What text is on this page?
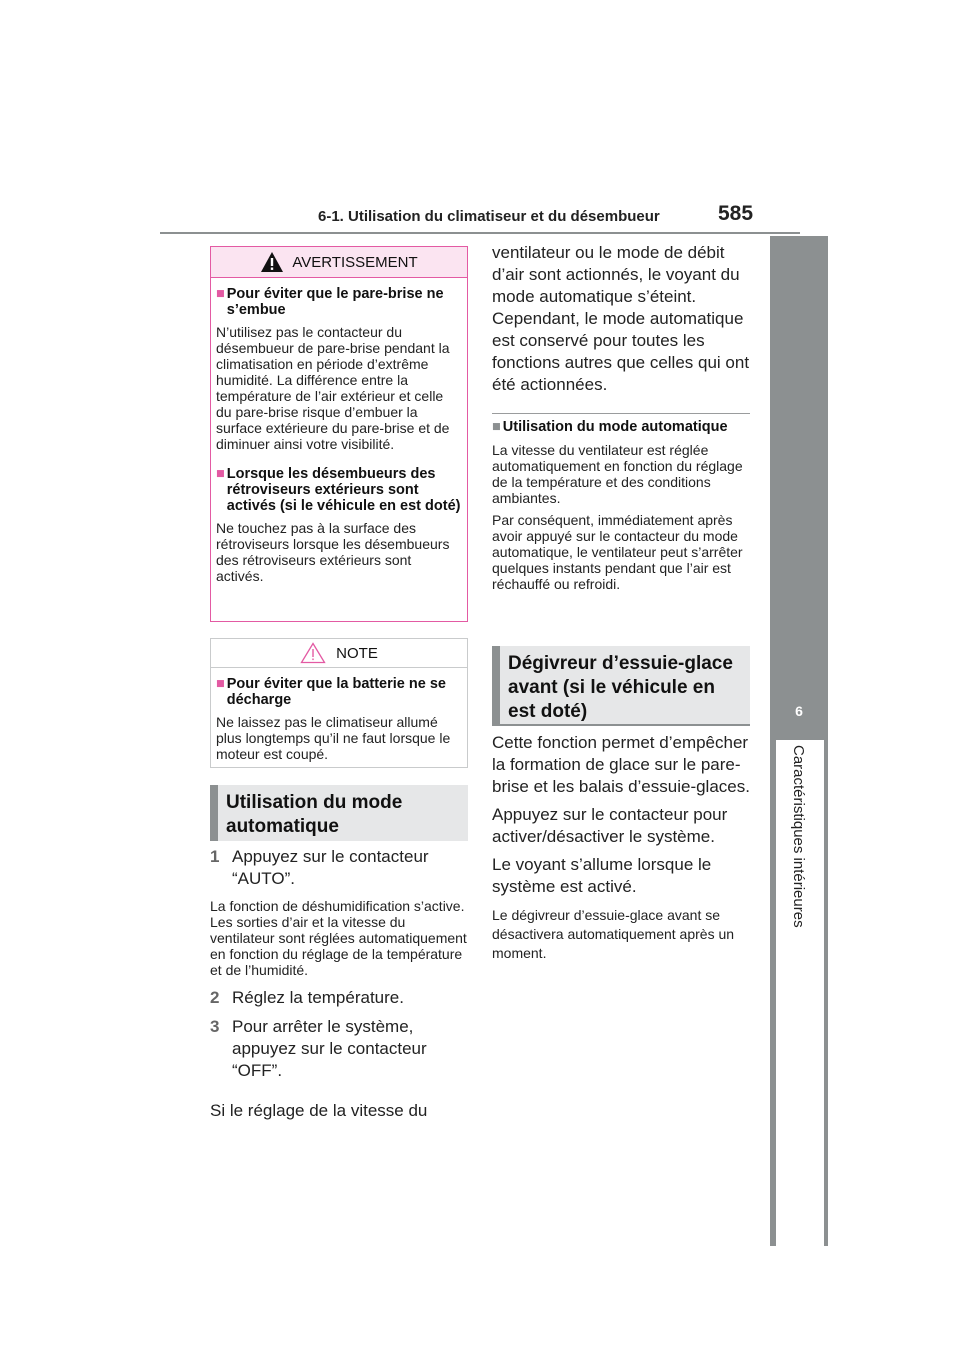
6-1. Utilisation du climatiseur et du désembueur	585
6
Caractéristiques intérieures
AVERTISSEMENT
■ Pour éviter que le pare-brise ne s’embue
N’utilisez pas le contacteur du désembueur de pare-brise pendant la climatisation en période d’extrême humidité. La différence entre la température de l’air extérieur et celle du pare-brise risque d’embuer la surface extérieure du pare-brise et de diminuer ainsi votre visibilité.
■ Lorsque les désembueurs des rétroviseurs extérieurs sont activés (si le véhicule en est doté)
Ne touchez pas à la surface des rétroviseurs lorsque les désembueurs des rétroviseurs extérieurs sont activés.
NOTE
■ Pour éviter que la batterie ne se décharge
Ne laissez pas le climatiseur allumé plus longtemps qu’il ne faut lorsque le moteur est coupé.
Utilisation du mode automatique
1 Appuyez sur le contacteur “AUTO”.
La fonction de déshumidification s’active. Les sorties d’air et la vitesse du ventilateur sont réglées automatiquement en fonction du réglage de la température et de l’humidité.
2 Réglez la température.
3 Pour arrêter le système, appuyez sur le contacteur “OFF”.
Si le réglage de la vitesse du
ventilateur ou le mode de débit d’air sont actionnés, le voyant du mode automatique s’éteint. Cependant, le mode automatique est conservé pour toutes les fonctions autres que celles qui ont été actionnées.
■ Utilisation du mode automatique
La vitesse du ventilateur est réglée automatiquement en fonction du réglage de la température et des conditions ambiantes.
Par conséquent, immédiatement après avoir appuyé sur le contacteur du mode automatique, le ventilateur peut s’arrêter quelques instants pendant que l’air est réchauffé ou refroidi.
Dégivreur d’essuie-glace avant (si le véhicule en est doté)
Cette fonction permet d’empêcher la formation de glace sur le pare-brise et les balais d’essuie-glaces.
Appuyez sur le contacteur pour activer/désactiver le système.
Le voyant s’allume lorsque le système est activé.
Le dégivreur d’essuie-glace avant se désactivera automatiquement après un moment.
